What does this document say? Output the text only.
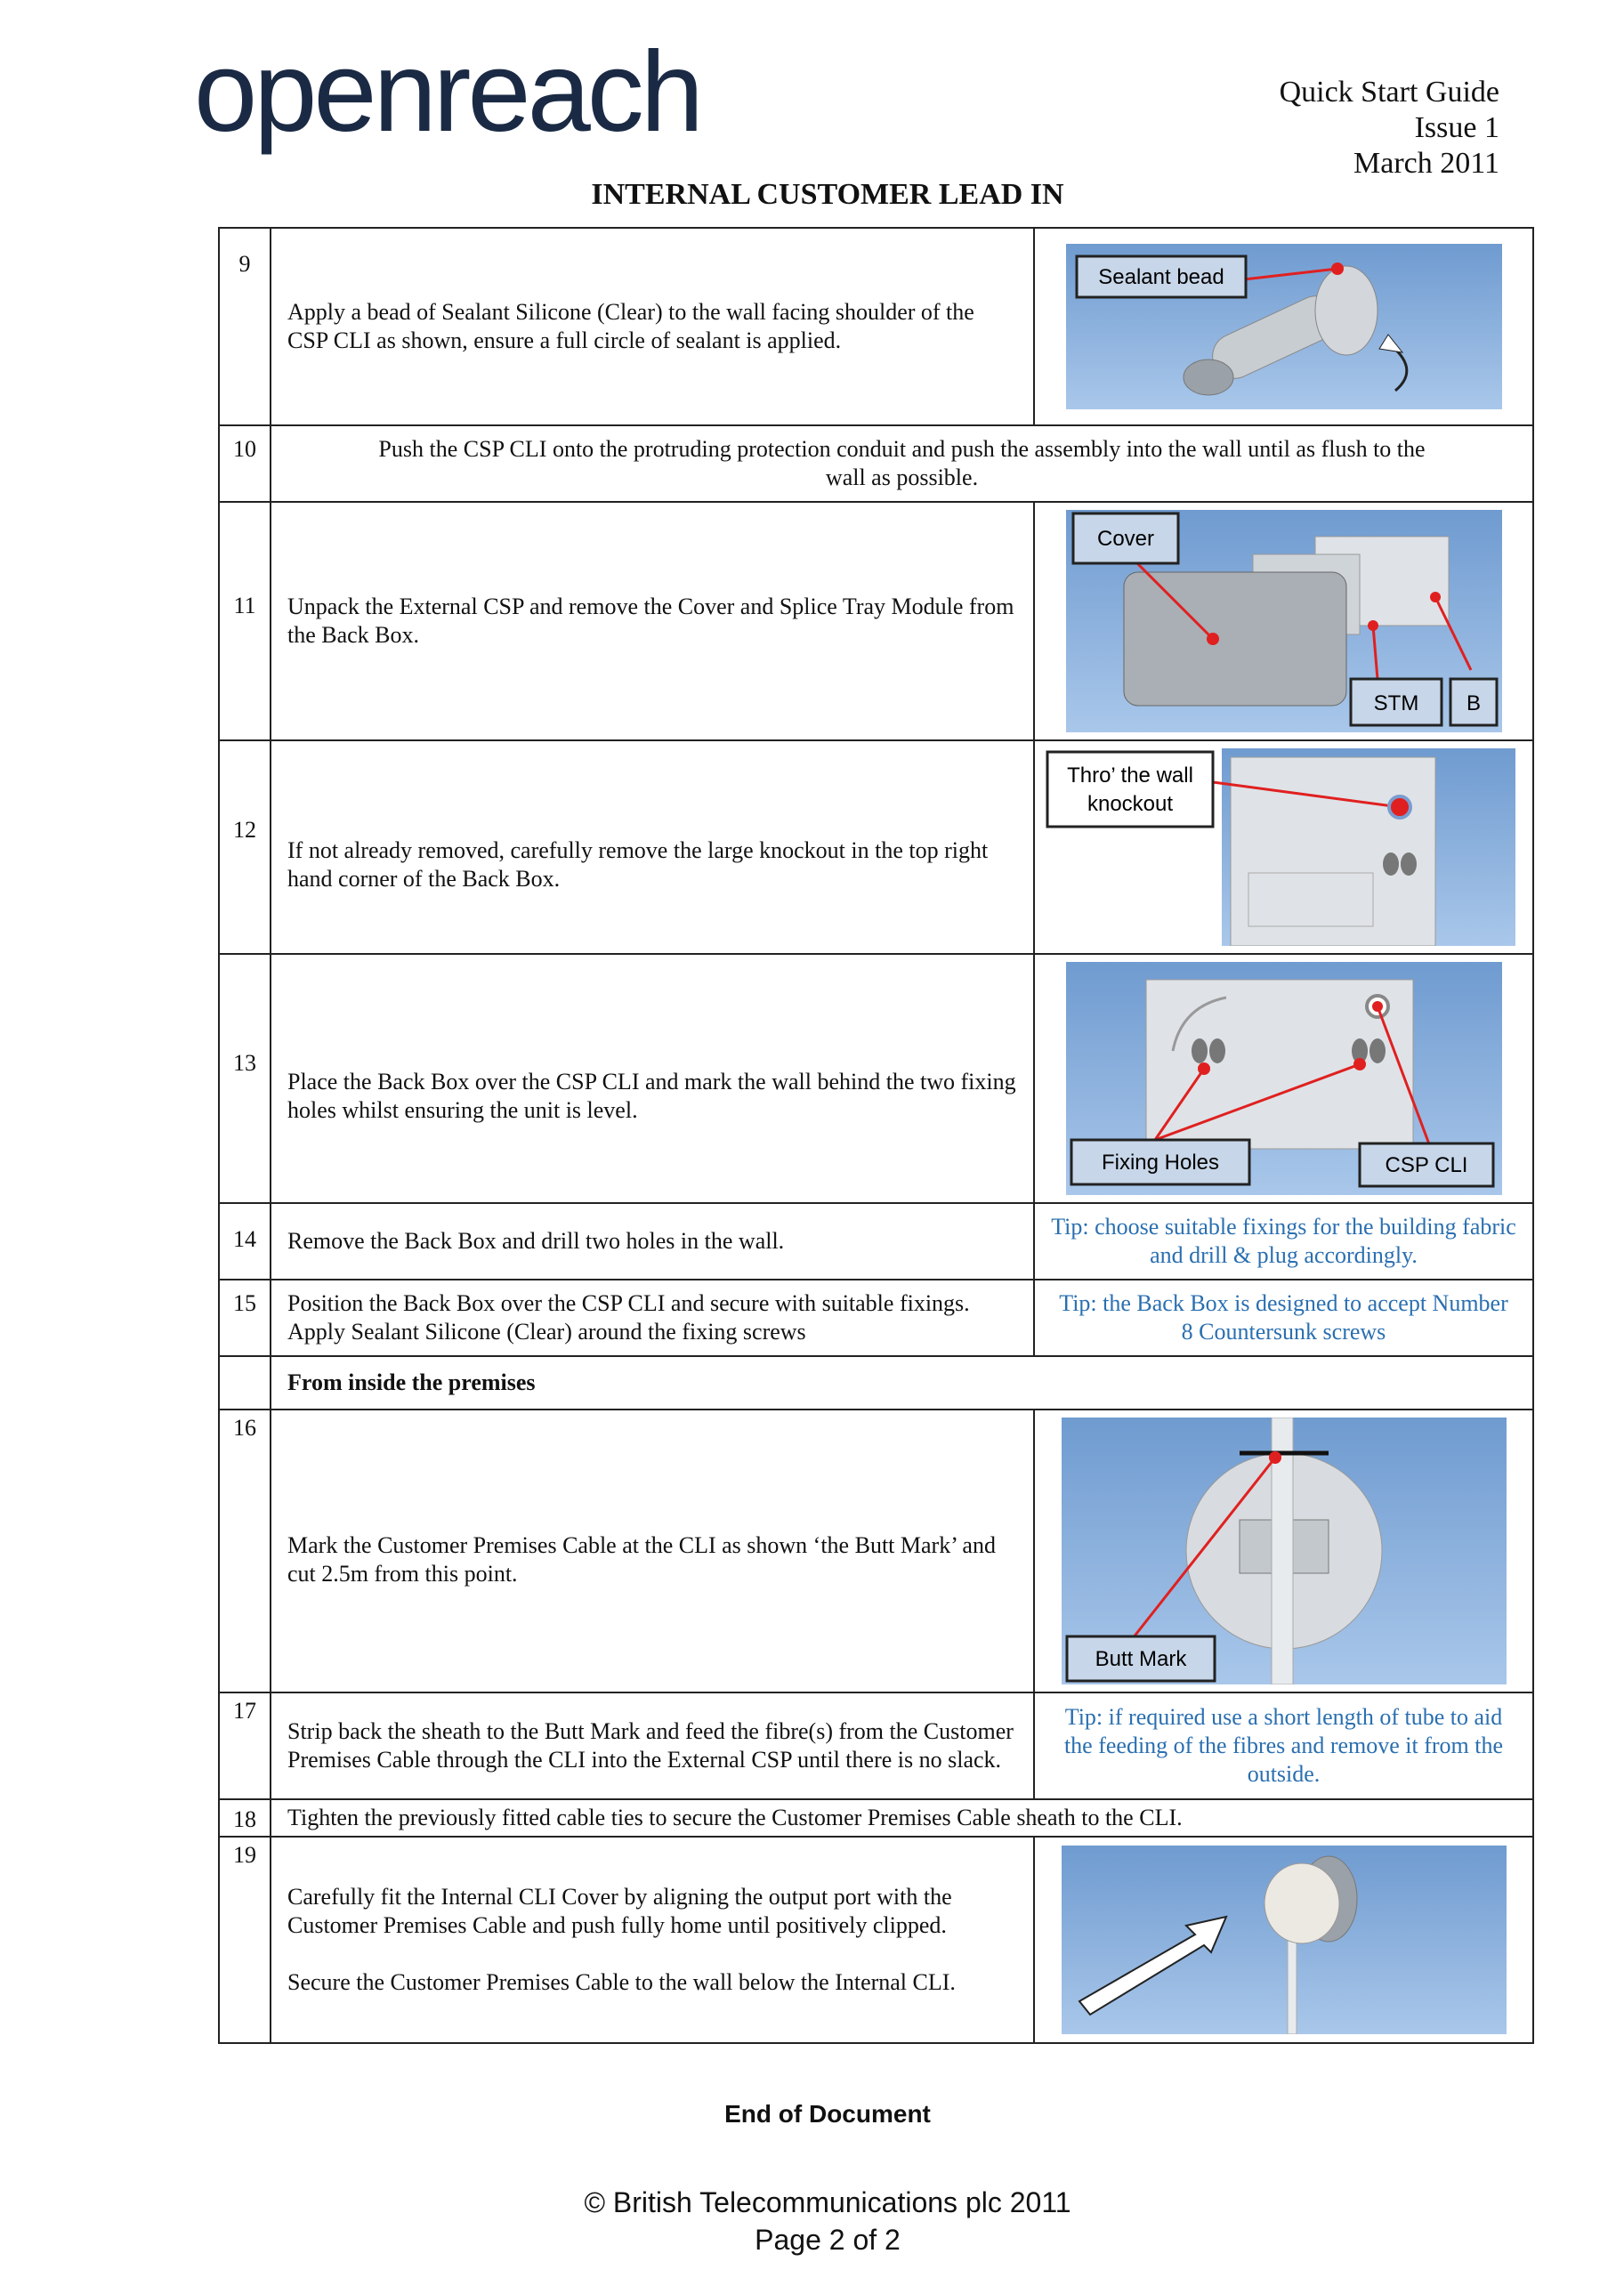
openreach	Quick Start Guide
Issue 1
March 2011
INTERNAL CUSTOMER LEAD IN
9	Apply a bead of Sealant Silicone (Clear) to the wall facing shoulder of the CSP CLI as shown, ensure a full circle of sealant is applied.	Sealant bead

10	Push the CSP CLI onto the protruding protection conduit and push the assembly into the wall until as flush to the wall as possible.	
11	Unpack the External CSP and remove the Cover and Splice Tray Module from the Back Box.	Cover
STM B

12	If not already removed, carefully remove the large knockout in the top right hand corner of the Back Box.	Thro’ the wall
knockout

13	Place the Back Box over the CSP CLI and mark the wall behind the two fixing holes whilst ensuring the unit is level.	Fixing Holes CSP CLI

14	Remove the Back Box and drill two holes in the wall.	Tip: choose suitable fixings for the building fabric and drill & plug accordingly.
15	Position the Back Box over the CSP CLI and secure with suitable fixings. Apply Sealant Silicone (Clear) around the fixing screws	Tip: the Back Box is designed to accept Number 8 Countersunk screws
	From inside the premises	
16	Mark the Customer Premises Cable at the CLI as shown ‘the Butt Mark’ and cut 2.5m from this point.	Butt Mark

17	Strip back the sheath to the Butt Mark and feed the fibre(s) from the Customer Premises Cable through the CLI into the External CSP until there is no slack.	Tip: if required use a short length of tube to aid the feeding of the fibres and remove it from the outside.
18	Tighten the previously fitted cable ties to secure the Customer Premises Cable sheath to the CLI.	
19	Carefully fit the Internal CLI Cover by aligning the output port with the Customer Premises Cable and push fully home until positively clipped.
Secure the Customer Premises Cable to the wall below the Internal CLI.

End of Document
© British Telecommunications plc 2011
Page 2 of 2
